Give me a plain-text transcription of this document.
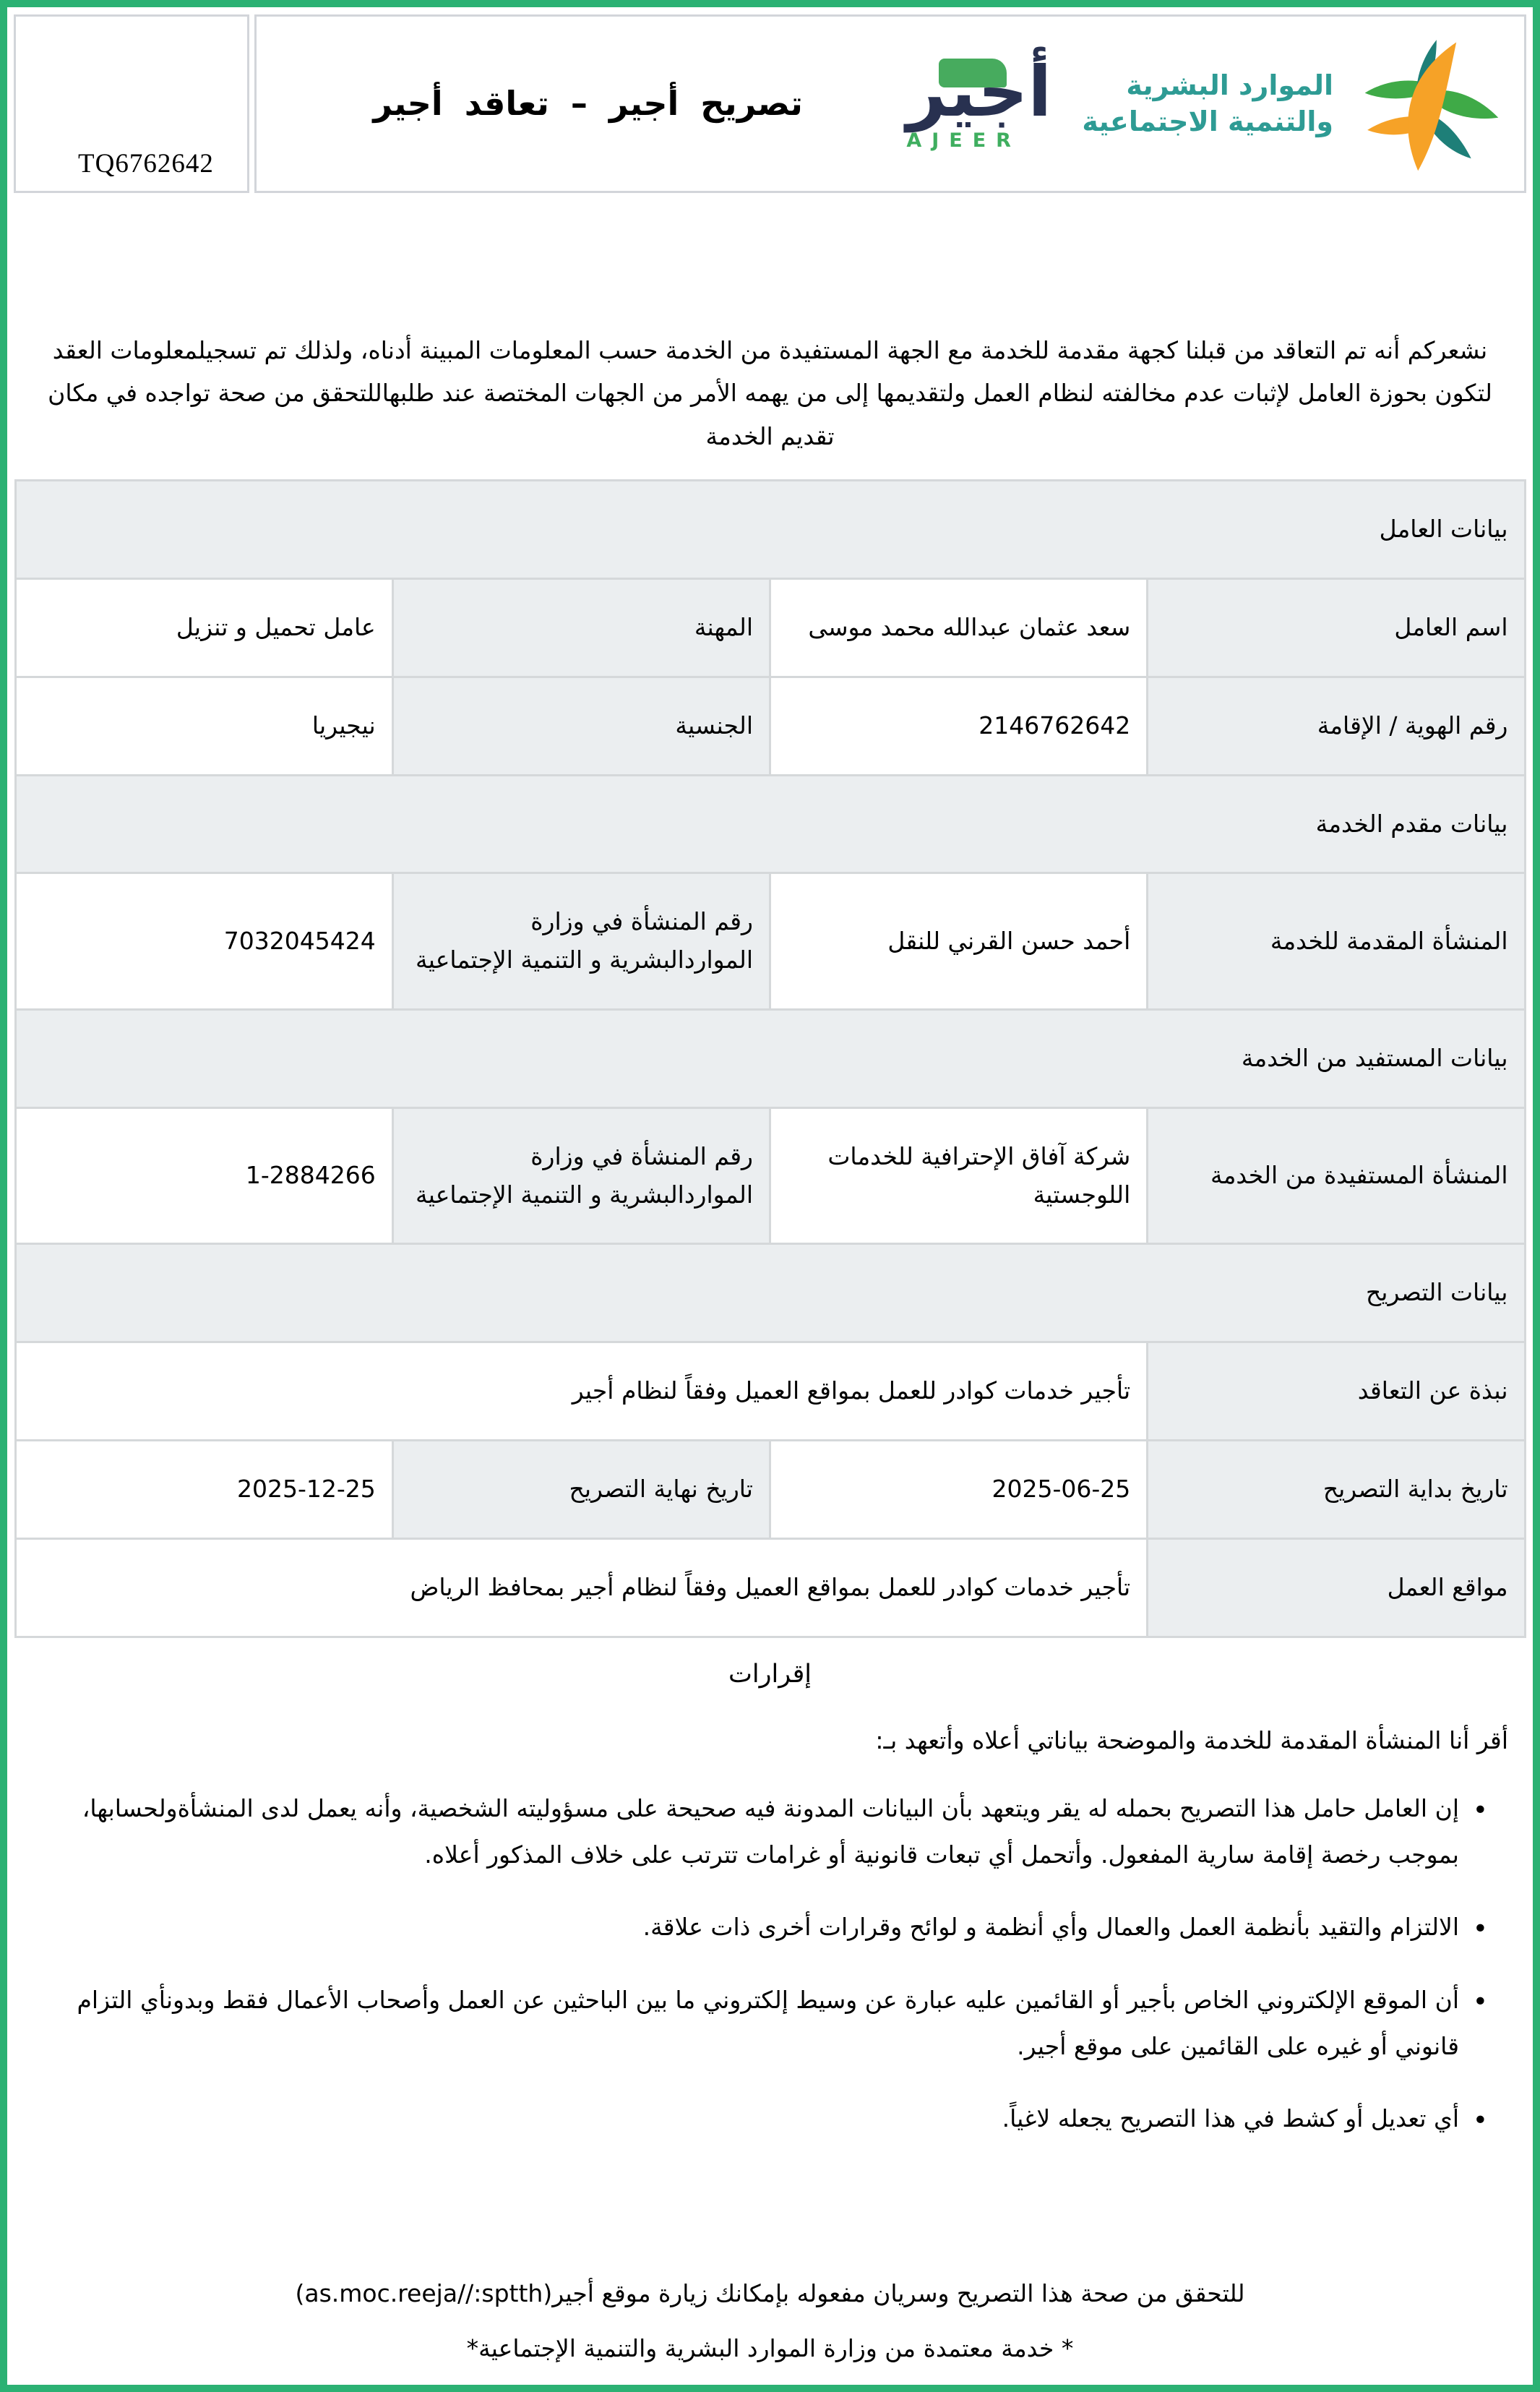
TQ6762642
تصريح أجير – تعاقد أجير	أجير
AJEER
الموارد البشرية
والتنمية الاجتماعية
نشعركم أنه تم التعاقد من قبلنا كجهة مقدمة للخدمة مع الجهة المستفيدة من الخدمة حسب المعلومات المبينة أدناه، ولذلك تم تسجيلمعلومات العقد لتكون بحوزة العامل لإثبات عدم مخالفته لنظام العمل ولتقديمها إلى من يهمه الأمر من الجهات المختصة عند طلبهاللتحقق من صحة تواجده في مكان تقديم الخدمة
بيانات العامل			
اسم العامل	سعد عثمان عبدالله محمد موسى	المهنة	عامل تحميل و تنزيل
رقم الهوية / الإقامة	2146762642	الجنسية	نيجيريا
بيانات مقدم الخدمة			
المنشأة المقدمة للخدمة	أحمد حسن القرني للنقل	رقم المنشأة في وزارة المواردالبشرية و التنمية الإجتماعية	7032045424
بيانات المستفيد من الخدمة			
المنشأة المستفيدة من الخدمة	شركة آفاق الإحترافية للخدمات اللوجستية	رقم المنشأة في وزارة المواردالبشرية و التنمية الإجتماعية	1-2884266
بيانات التصريح			
نبذة عن التعاقد	تأجير خدمات كوادر للعمل بمواقع العميل وفقاً لنظام أجير		
تاريخ بداية التصريح	2025-06-25	تاريخ نهاية التصريح	2025-12-25
مواقع العمل	تأجير خدمات كوادر للعمل بمواقع العميل وفقاً لنظام أجير بمحافظ الرياض		
إقرارات
أقر أنا المنشأة المقدمة للخدمة والموضحة بياناتي أعلاه وأتعهد بـ:
• إن العامل حامل هذا التصريح بحمله له يقر ويتعهد بأن البيانات المدونة فيه صحيحة على مسؤوليته الشخصية، وأنه يعمل لدى المنشأةولحسابها، بموجب رخصة إقامة سارية المفعول. وأتحمل أي تبعات قانونية أو غرامات تترتب على خلاف المذكور أعلاه.
• الالتزام والتقيد بأنظمة العمل والعمال وأي أنظمة و لوائح وقرارات أخرى ذات علاقة.
• أن الموقع الإلكتروني الخاص بأجير أو القائمين عليه عبارة عن وسيط إلكتروني ما بين الباحثين عن العمل وأصحاب الأعمال فقط وبدونأي التزام قانوني أو غيره على القائمين على موقع أجير.
• أي تعديل أو كشط في هذا التصريح يجعله لاغياً.
للتحقق من صحة هذا التصريح وسريان مفعوله بإمكانك زيارة موقع أجير(as.moc.reeja//:sptth)
* خدمة معتمدة من وزارة الموارد البشرية والتنمية الإجتماعية*
